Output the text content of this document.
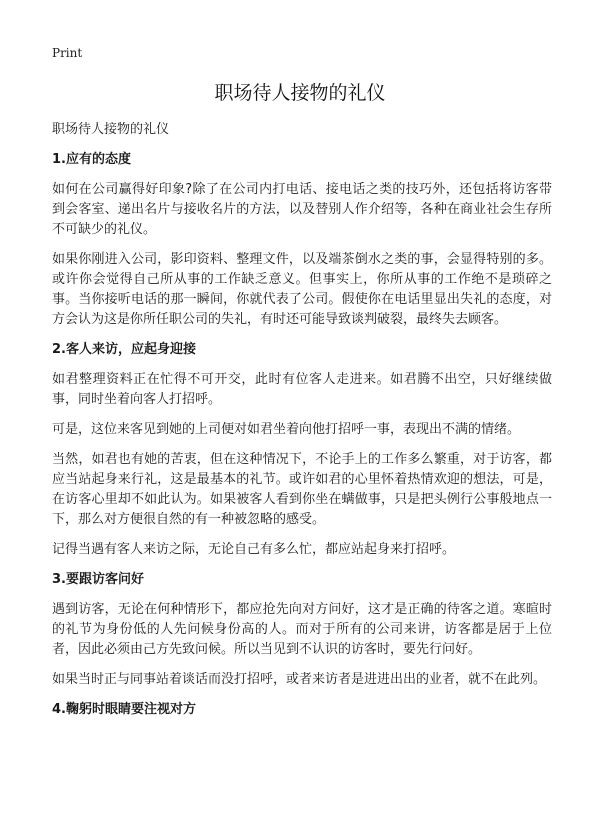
Print
职场待人接物的礼仪

职场待人接物的礼仪

1.应有的态度

如何在公司赢得好印象?除了在公司内打电话、接电话之类的技巧外，还包括将访客带到会客室、递出名片与接收名片的方法，以及替别人作介绍等，各种在商业社会生存所不可缺少的礼仪。

如果你刚进入公司，影印资料、整理文件，以及端茶倒水之类的事，会显得特别的多。或许你会觉得自己所从事的工作缺乏意义。但事实上，你所从事的工作绝不是琐碎之事。当你接听电话的那一瞬间，你就代表了公司。假使你在电话里显出失礼的态度，对方会认为这是你所任职公司的失礼，有时还可能导致谈判破裂，最终失去顾客。

2.客人来访，应起身迎接

如君整理资料正在忙得不可开交，此时有位客人走进来。如君腾不出空，只好继续做事，同时坐着向客人打招呼。

可是，这位来客见到她的上司便对如君坐着向他打招呼一事，表现出不满的情绪。

当然，如君也有她的苦衷，但在这种情况下，不论手上的工作多么繁重，对于访客，都应当站起身来行礼，这是最基本的礼节。或许如君的心里怀着热情欢迎的想法，可是，在访客心里却不如此认为。如果被客人看到你坐在螨做事，只是把头例行公事般地点一下，那么对方便很自然的有一种被忽略的感受。

记得当遇有客人来访之际，无论自己有多么忙，都应站起身来打招呼。

3.要跟访客问好

遇到访客，无论在何种情形下，都应抢先向对方问好，这才是正确的待客之道。寒暄时的礼节为身份低的人先问候身份高的人。而对于所有的公司来讲，访客都是居于上位者，因此必须由己方先致问候。所以当见到不认识的访客时，要先行问好。

如果当时正与同事站着谈话而没打招呼，或者来访者是进进出出的业者，就不在此列。

4.鞠躬时眼睛要注视对方
